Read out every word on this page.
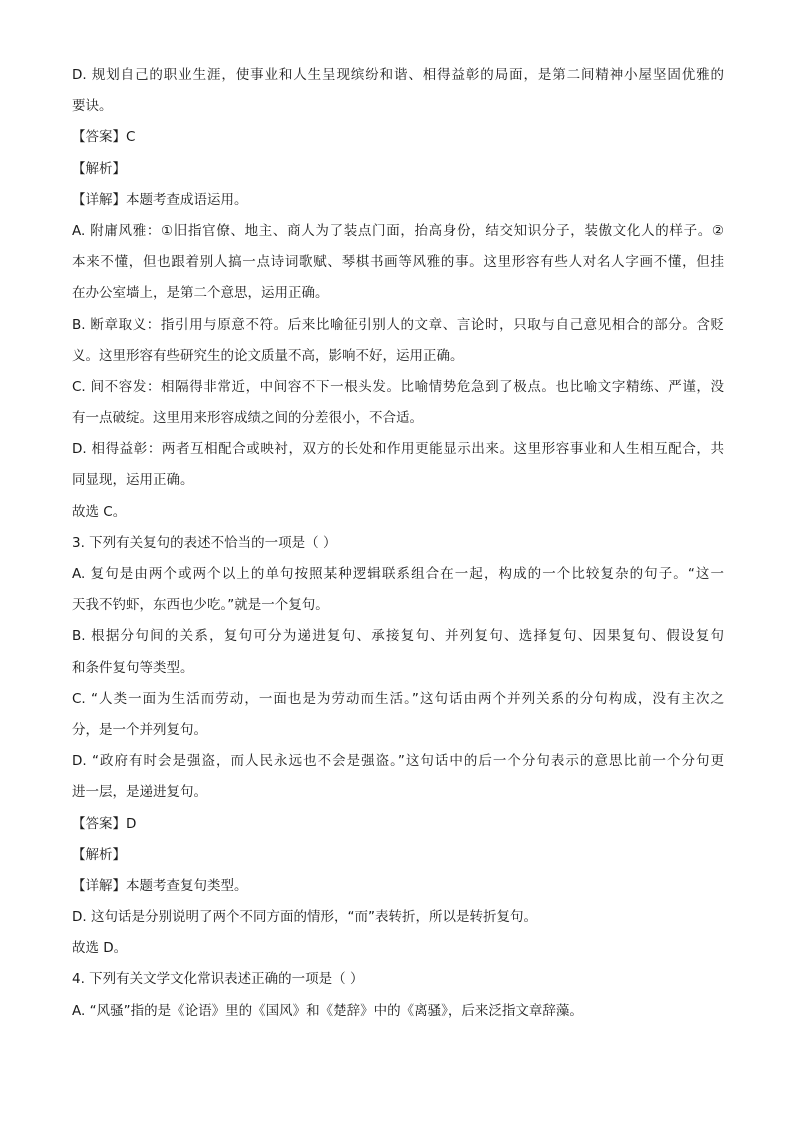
D. 规划自己的职业生涯，使事业和人生呈现缤纷和谐、相得益彰的局面，是第二间精神小屋坚固优雅的
要诀。
【答案】C
【解析】
【详解】本题考查成语运用。
A. 附庸风雅：①旧指官僚、地主、商人为了装点门面，抬高身份，结交知识分子，装傲文化人的样子。②
本来不懂，但也跟着别人搞一点诗词歌赋、琴棋书画等风雅的事。这里形容有些人对名人字画不懂，但挂
在办公室墙上，是第二个意思，运用正确。
B. 断章取义：指引用与原意不符。后来比喻征引别人的文章、言论时，只取与自己意见相合的部分。含贬
义。这里形容有些研究生的论文质量不高，影响不好，运用正确。
C. 间不容发：相隔得非常近，中间容不下一根头发。比喻情势危急到了极点。也比喻文字精练、严谨，没
有一点破绽。这里用来形容成绩之间的分差很小，不合适。
D. 相得益彰：两者互相配合或映衬，双方的长处和作用更能显示出来。这里形容事业和人生相互配合，共
同显现，运用正确。
故选 C。
3. 下列有关复句的表述不恰当的一项是（ ）
A. 复句是由两个或两个以上的单句按照某种逻辑联系组合在一起，构成的一个比较复杂的句子。“这一
天我不钓虾，东西也少吃。”就是一个复句。
B. 根据分句间的关系，复句可分为递进复句、承接复句、并列复句、选择复句、因果复句、假设复句
和条件复句等类型。
C. “人类一面为生活而劳动，一面也是为劳动而生活。”这句话由两个并列关系的分句构成，没有主次之
分，是一个并列复句。
D. “政府有时会是强盗，而人民永远也不会是强盗。”这句话中的后一个分句表示的意思比前一个分句更
进一层，是递进复句。
【答案】D
【解析】
【详解】本题考查复句类型。
D. 这句话是分别说明了两个不同方面的情形，“而”表转折，所以是转折复句。
故选 D。
4. 下列有关文学文化常识表述正确的一项是（ ）
A. “风骚”指的是《论语》里的《国风》和《楚辞》中的《离骚》，后来泛指文章辞藻。
